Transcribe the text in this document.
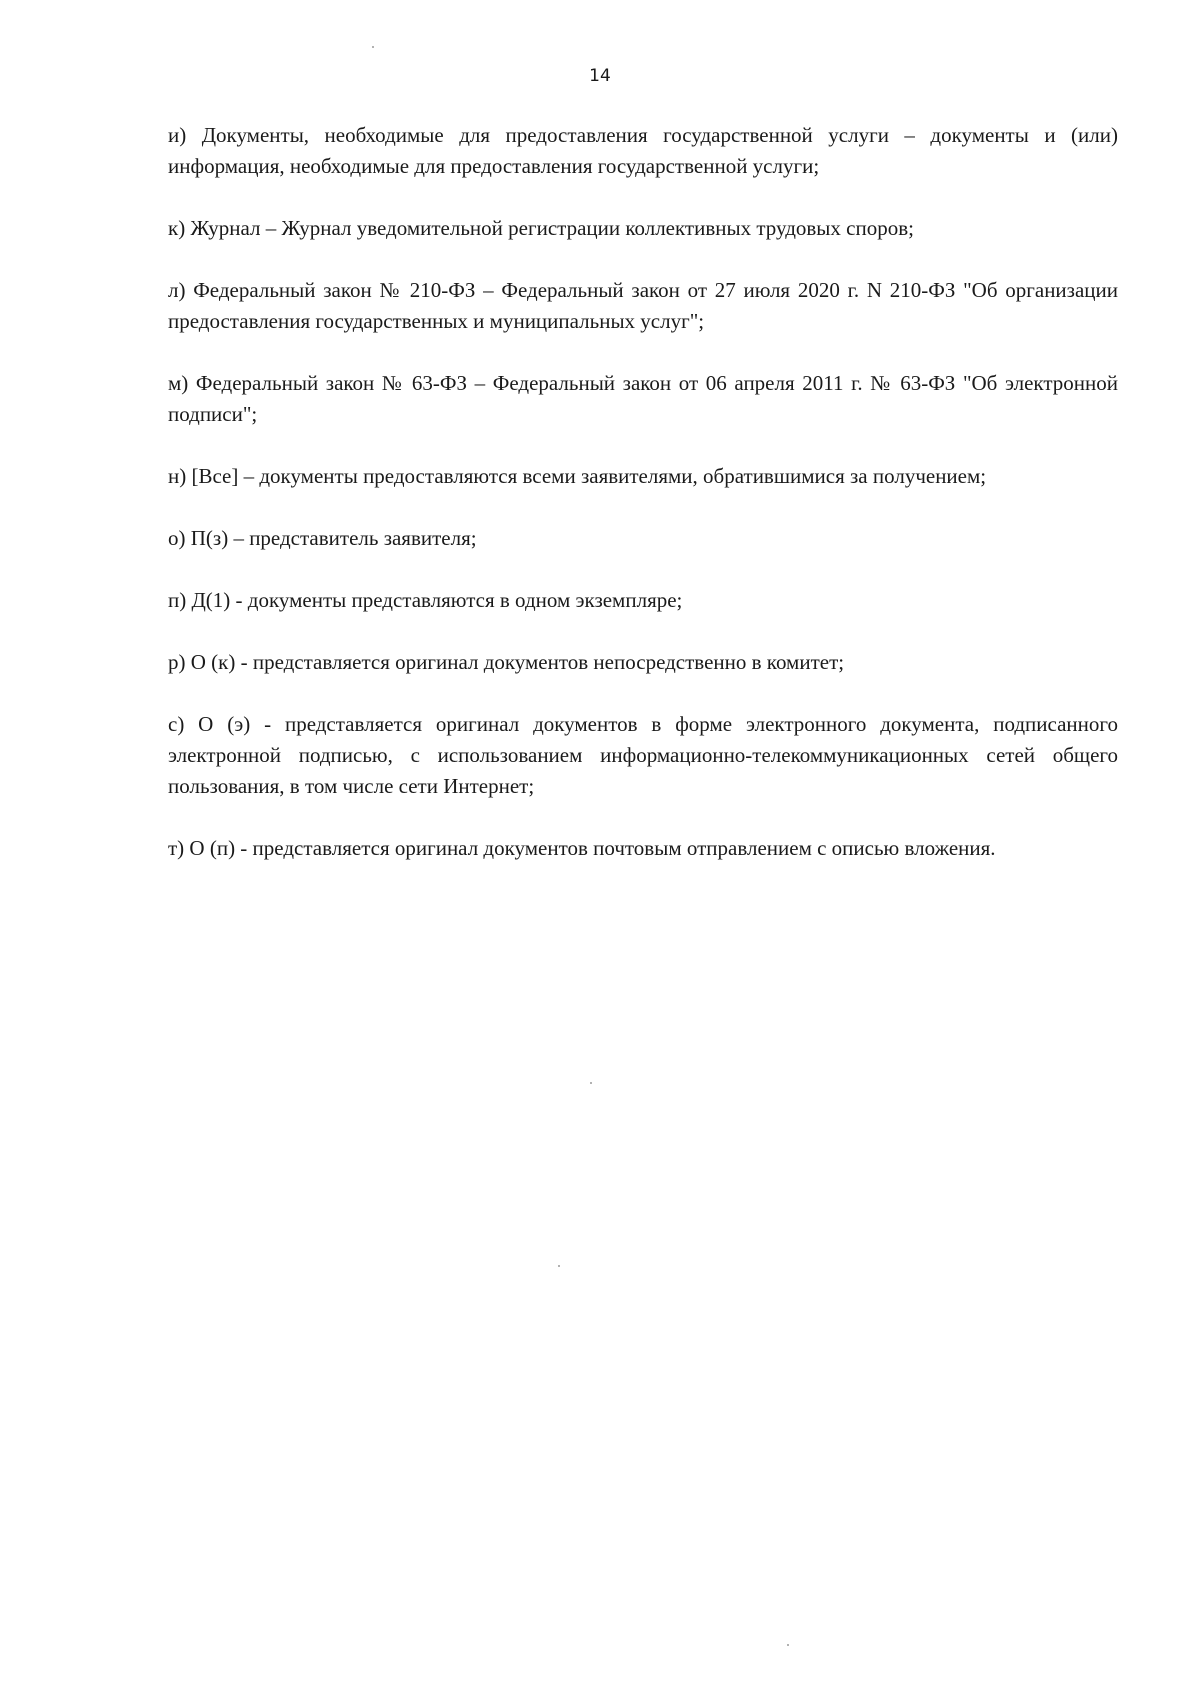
14

и) Документы, необходимые для предоставления государственной услуги – документы и (или) информация, необходимые для предоставления государственной услуги;

к) Журнал – Журнал уведомительной регистрации коллективных трудовых споров;

л) Федеральный закон № 210-ФЗ – Федеральный закон от 27 июля 2020 г. N 210-ФЗ "Об организации предоставления государственных и муниципальных услуг";

м) Федеральный закон № 63-ФЗ – Федеральный закон от 06 апреля 2011 г. № 63-ФЗ "Об электронной подписи";

н) [Все] – документы предоставляются всеми заявителями, обратившимися за получением;

о) П(з) – представитель заявителя;

п) Д(1) - документы представляются в одном экземпляре;

р) О (к) - представляется оригинал документов непосредственно в комитет;

с) О (э) - представляется оригинал документов в форме электронного документа, подписанного электронной подписью, с использованием информационно-телекоммуникационных сетей общего пользования, в том числе сети Интернет;

т) О (п) - представляется оригинал документов почтовым отправлением с описью вложения.
